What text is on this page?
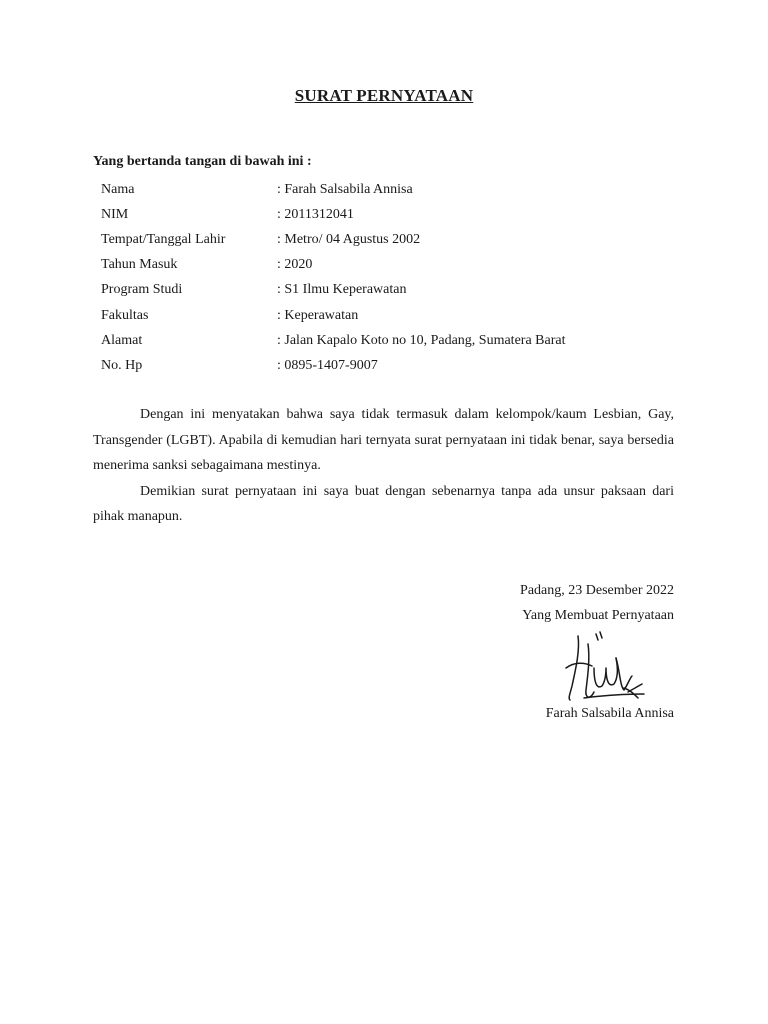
SURAT PERNYATAAN
Yang bertanda tangan di bawah ini :
Nama	: Farah Salsabila Annisa
NIM	: 2011312041
Tempat/Tanggal Lahir	: Metro/ 04 Agustus 2002
Tahun Masuk	: 2020
Program Studi	: S1 Ilmu Keperawatan
Fakultas	: Keperawatan
Alamat	: Jalan Kapalo Koto no 10, Padang, Sumatera Barat
No. Hp	: 0895-1407-9007

Dengan ini menyatakan bahwa saya tidak termasuk dalam kelompok/kaum Lesbian, Gay, Transgender (LGBT). Apabila di kemudian hari ternyata surat pernyataan ini tidak benar, saya bersedia menerima sanksi sebagaimana mestinya.

Demikian surat pernyataan ini saya buat dengan sebenarnya tanpa ada unsur paksaan dari pihak manapun.

Padang, 23 Desember 2022
Yang Membuat Pernyataan
Farah Salsabila Annisa
